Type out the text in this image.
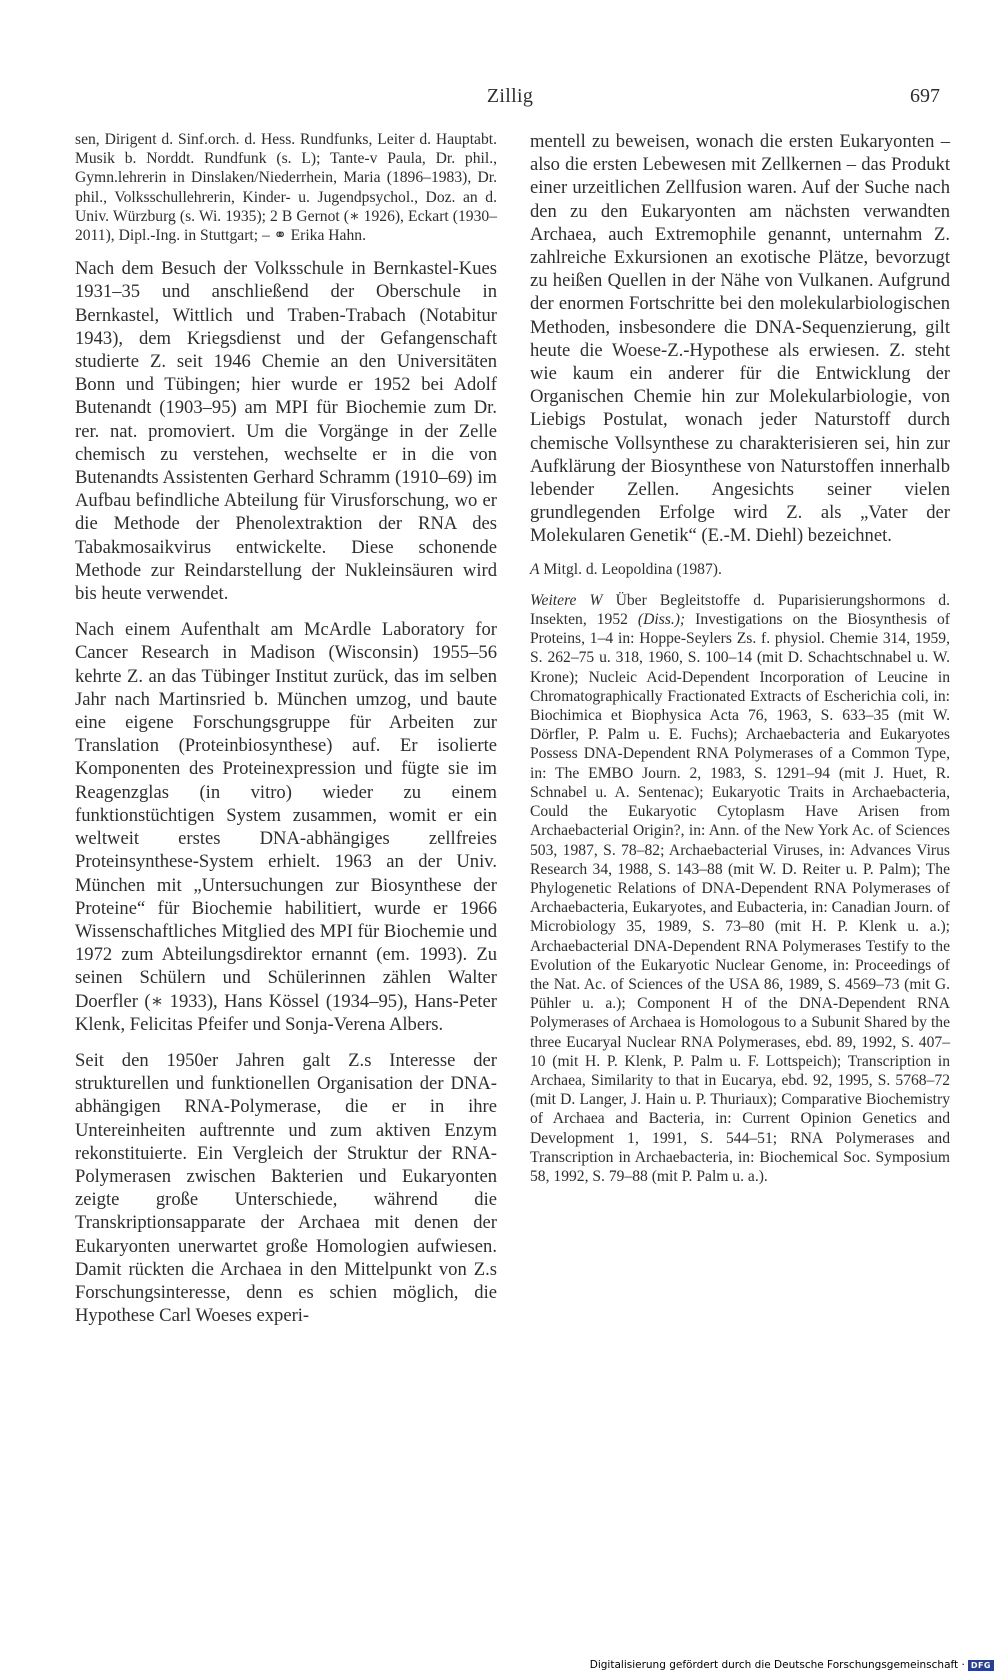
Zillig	697

sen, Dirigent d. Sinf.orch. d. Hess. Rundfunks, Leiter d. Hauptabt. Musik b. Norddt. Rundfunk (s. L); Tante-v Paula, Dr. phil., Gymn.lehrerin in Dinslaken/Niederrhein, Maria (1896–1983), Dr. phil., Volksschullehrerin, Kinder- u. Jugendpsychol., Doz. an d. Univ. Würzburg (s. Wi. 1935); 2 B Gernot (∗ 1926), Eckart (1930–2011), Dipl.-Ing. in Stuttgart; – ⚭ Erika Hahn.

Nach dem Besuch der Volksschule in Bernkastel-Kues 1931–35 und anschließend der Oberschule in Bernkastel, Wittlich und Traben-Trabach (Notabitur 1943), dem Kriegsdienst und der Gefangenschaft studierte Z. seit 1946 Chemie an den Universitäten Bonn und Tübingen; hier wurde er 1952 bei Adolf Butenandt (1903–95) am MPI für Biochemie zum Dr. rer. nat. promoviert. Um die Vorgänge in der Zelle chemisch zu verstehen, wechselte er in die von Butenandts Assistenten Gerhard Schramm (1910–69) im Aufbau befindliche Abteilung für Virusforschung, wo er die Methode der Phenolextraktion der RNA des Tabakmosaikvirus entwickelte. Diese schonende Methode zur Reindarstellung der Nukleinsäuren wird bis heute verwendet.

Nach einem Aufenthalt am McArdle Laboratory for Cancer Research in Madison (Wisconsin) 1955–56 kehrte Z. an das Tübinger Institut zurück, das im selben Jahr nach Martinsried b. München umzog, und baute eine eigene Forschungsgruppe für Arbeiten zur Translation (Proteinbiosynthese) auf. Er isolierte Komponenten des Proteinexpression und fügte sie im Reagenzglas (in vitro) wieder zu einem funktionstüchtigen System zusammen, womit er ein weltweit erstes DNA-abhängiges zellfreies Proteinsynthese-System erhielt. 1963 an der Univ. München mit „Untersuchungen zur Biosynthese der Proteine“ für Biochemie habilitiert, wurde er 1966 Wissenschaftliches Mitglied des MPI für Biochemie und 1972 zum Abteilungsdirektor ernannt (em. 1993). Zu seinen Schülern und Schülerinnen zählen Walter Doerfler (∗ 1933), Hans Kössel (1934–95), Hans-Peter Klenk, Felicitas Pfeifer und Sonja-Verena Albers.

Seit den 1950er Jahren galt Z.s Interesse der strukturellen und funktionellen Organisation der DNA-abhängigen RNA-Polymerase, die er in ihre Untereinheiten auftrennte und zum aktiven Enzym rekonstituierte. Ein Vergleich der Struktur der RNA-Polymerasen zwischen Bakterien und Eukaryonten zeigte große Unterschiede, während die Transkriptionsapparate der Archaea mit denen der Eukaryonten unerwartet große Homologien aufwiesen. Damit rückten die Archaea in den Mittelpunkt von Z.s Forschungsinteresse, denn es schien möglich, die Hypothese Carl Woeses experi-

mentell zu beweisen, wonach die ersten Eukaryonten – also die ersten Lebewesen mit Zellkernen – das Produkt einer urzeitlichen Zellfusion waren. Auf der Suche nach den zu den Eukaryonten am nächsten verwandten Archaea, auch Extremophile genannt, unternahm Z. zahlreiche Exkursionen an exotische Plätze, bevorzugt zu heißen Quellen in der Nähe von Vulkanen. Aufgrund der enormen Fortschritte bei den molekularbiologischen Methoden, insbesondere die DNA-Sequenzierung, gilt heute die Woese-Z.-Hypothese als erwiesen. Z. steht wie kaum ein anderer für die Entwicklung der Organischen Chemie hin zur Molekularbiologie, von Liebigs Postulat, wonach jeder Naturstoff durch chemische Vollsynthese zu charakterisieren sei, hin zur Aufklärung der Biosynthese von Naturstoffen innerhalb lebender Zellen. Angesichts seiner vielen grundlegenden Erfolge wird Z. als „Vater der Molekularen Genetik“ (E.-M. Diehl) bezeichnet.

A Mitgl. d. Leopoldina (1987).

Weitere W Über Begleitstoffe d. Puparisierungshormons d. Insekten, 1952 (Diss.); Investigations on the Biosynthesis of Proteins, 1–4 in: Hoppe-Seylers Zs. f. physiol. Chemie 314, 1959, S. 262–75 u. 318, 1960, S. 100–14 (mit D. Schachtschnabel u. W. Krone); Nucleic Acid-Dependent Incorporation of Leucine in Chromatographically Fractionated Extracts of Escherichia coli, in: Biochimica et Biophysica Acta 76, 1963, S. 633–35 (mit W. Dörfler, P. Palm u. E. Fuchs); Archaebacteria and Eukaryotes Possess DNA-Dependent RNA Polymerases of a Common Type, in: The EMBO Journ. 2, 1983, S. 1291–94 (mit J. Huet, R. Schnabel u. A. Sentenac); Eukaryotic Traits in Archaebacteria, Could the Eukaryotic Cytoplasm Have Arisen from Archaebacterial Origin?, in: Ann. of the New York Ac. of Sciences 503, 1987, S. 78–82; Archaebacterial Viruses, in: Advances Virus Research 34, 1988, S. 143–88 (mit W. D. Reiter u. P. Palm); The Phylogenetic Relations of DNA-Dependent RNA Polymerases of Archaebacteria, Eukaryotes, and Eubacteria, in: Canadian Journ. of Microbiology 35, 1989, S. 73–80 (mit H. P. Klenk u. a.); Archaebacterial DNA-Dependent RNA Polymerases Testify to the Evolution of the Eukaryotic Nuclear Genome, in: Proceedings of the Nat. Ac. of Sciences of the USA 86, 1989, S. 4569–73 (mit G. Pühler u. a.); Component H of the DNA-Dependent RNA Polymerases of Archaea is Homologous to a Subunit Shared by the three Eucaryal Nuclear RNA Polymerases, ebd. 89, 1992, S. 407–10 (mit H. P. Klenk, P. Palm u. F. Lottspeich); Transcription in Archaea, Similarity to that in Eucarya, ebd. 92, 1995, S. 5768–72 (mit D. Langer, J. Hain u. P. Thuriaux); Comparative Biochemistry of Archaea and Bacteria, in: Current Opinion Genetics and Development 1, 1991, S. 544–51; RNA Polymerases and Transcription in Archaebacteria, in: Biochemical Soc. Symposium 58, 1992, S. 79–88 (mit P. Palm u. a.).

Digitalisierung gefördert durch die Deutsche Forschungsgemeinschaft · DFG
